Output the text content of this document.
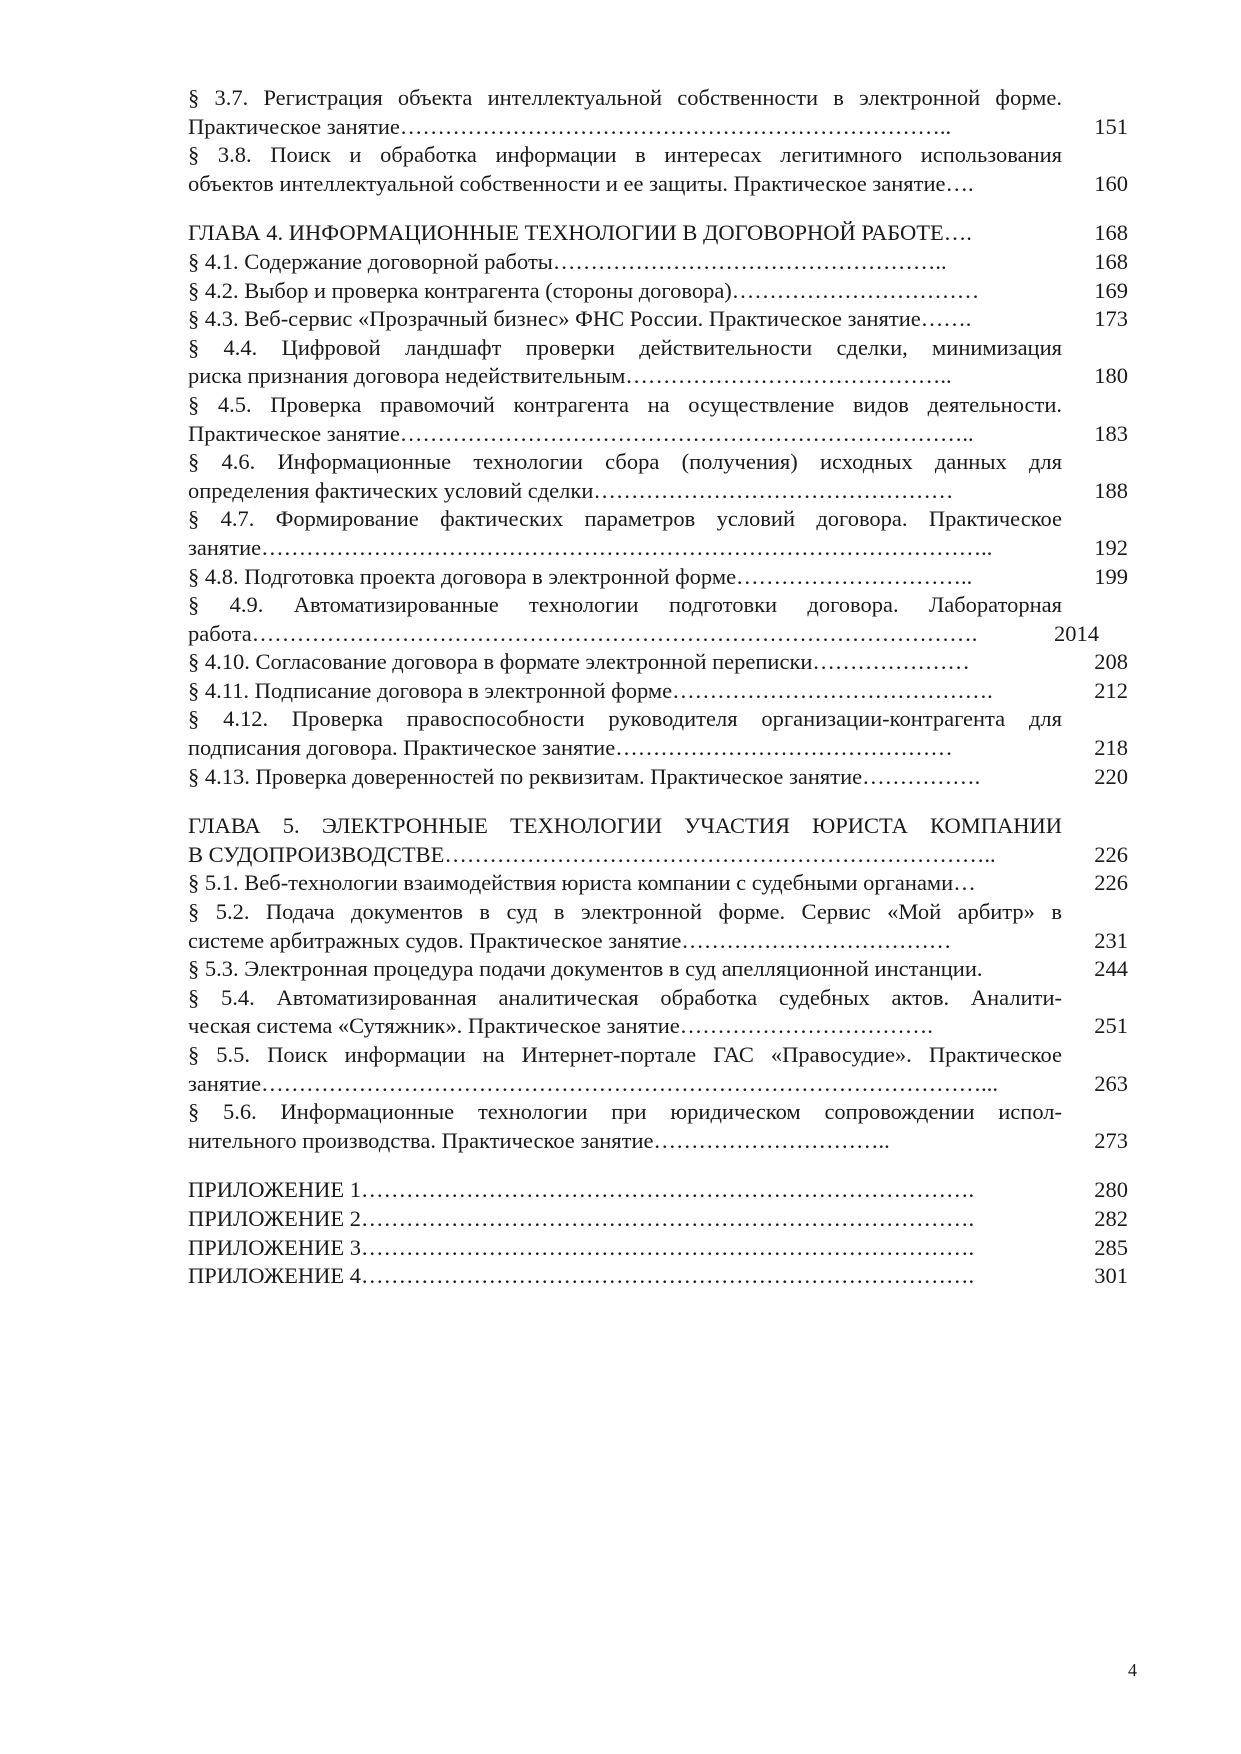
§ 3.7. Регистрация объекта интеллектуальной собственности в электронной форме.
Практическое занятие………………………………………………………………..	151
§ 3.8. Поиск и обработка информации в интересах легитимного использования
объектов интеллектуальной собственности и ее защиты. Практическое занятие….	160
ГЛАВА 4. ИНФОРМАЦИОННЫЕ ТЕХНОЛОГИИ В ДОГОВОРНОЙ РАБОТЕ….	168
§ 4.1. Содержание договорной работы……………………………………………..	168
§ 4.2. Выбор и проверка контрагента (стороны договора)……………………………	169
§ 4.3. Веб-сервис «Прозрачный бизнес» ФНС России. Практическое занятие…….	173
§ 4.4. Цифровой ландшафт проверки действительности сделки, минимизация
риска признания договора недействительным……………………………………..	180
§ 4.5. Проверка правомочий контрагента на осуществление видов деятельности.
Практическое занятие…………………………………………………………………..	183
§ 4.6. Информационные технологии сбора (получения) исходных данных для
определения фактических условий сделки…………………………………………	188
§ 4.7. Формирование фактических параметров условий договора. Практическое
занятие……………………………………………………………………………………..	192
§ 4.8. Подготовка проекта договора в электронной форме…………………………..	199
§ 4.9. Автоматизированные технологии подготовки договора. Лабораторная
работа…………………………………………………………………………………….	2014
§ 4.10. Согласование договора в формате электронной переписки…………………	208
§ 4.11. Подписание договора в электронной форме…………………………………….	212
§ 4.12. Проверка правоспособности руководителя организации-контрагента для
подписания договора. Практическое занятие………………………………………	218
§ 4.13. Проверка доверенностей по реквизитам. Практическое занятие…………….	220
ГЛАВА 5. ЭЛЕКТРОННЫЕ ТЕХНОЛОГИИ УЧАСТИЯ ЮРИСТА КОМПАНИИ
В СУДОПРОИЗВОДСТВЕ………………………………………………………………..	226
§ 5.1. Веб-технологии взаимодействия юриста компании с судебными органами…	226
§ 5.2. Подача документов в суд в электронной форме. Сервис «Мой арбитр» в
системе арбитражных судов. Практическое занятие………………………………	231
§ 5.3. Электронная процедура подачи документов в суд апелляционной инстанции.	244
§ 5.4. Автоматизированная аналитическая обработка судебных актов. Аналити-
ческая система «Сутяжник». Практическое занятие…………………………….	251
§ 5.5. Поиск информации на Интернет-портале ГАС «Правосудие». Практическое
занятие……………………………………………………………………………………...	263
§ 5.6. Информационные технологии при юридическом сопровождении испол-
нительного производства. Практическое занятие…………………………..	273
ПРИЛОЖЕНИЕ 1……………………………………………………………………….	280
ПРИЛОЖЕНИЕ 2……………………………………………………………………….	282
ПРИЛОЖЕНИЕ 3……………………………………………………………………….	285
ПРИЛОЖЕНИЕ 4……………………………………………………………………….	301
4
